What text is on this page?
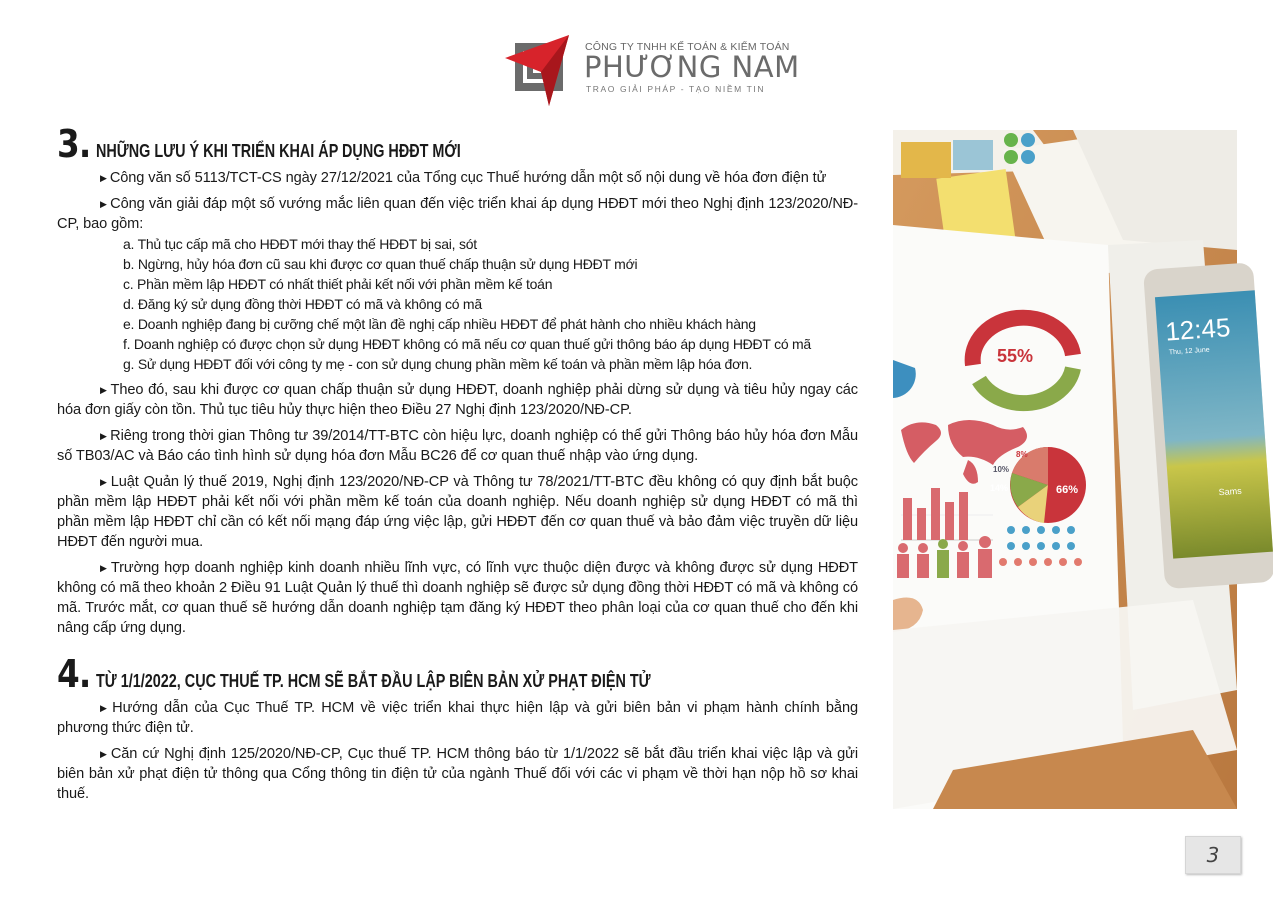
CÔNG TY TNHH KẾ TOÁN & KIỂM TOÁN
PHƯƠNG NAM
TRAO GIẢI PHÁP - TẠO NIỀM TIN
3. NHỮNG LƯU Ý KHI TRIỂN KHAI ÁP DỤNG HĐĐT MỚI

▶ Công văn số 5113/TCT-CS ngày 27/12/2021 của Tổng cục Thuế hướng dẫn một số nội dung về hóa đơn điện tử

▶ Công văn giải đáp một số vướng mắc liên quan đến việc triển khai áp dụng HĐĐT mới theo Nghị định 123/2020/NĐ-CP, bao gồm:

a. Thủ tục cấp mã cho HĐĐT mới thay thế HĐĐT bị sai, sót
b. Ngừng, hủy hóa đơn cũ sau khi được cơ quan thuế chấp thuận sử dụng HĐĐT mới
c. Phần mềm lập HĐĐT có nhất thiết phải kết nối với phần mềm kế toán
d. Đăng ký sử dụng đồng thời HĐĐT có mã và không có mã
e. Doanh nghiệp đang bị cưỡng chế một lần đề nghị cấp nhiều HĐĐT để phát hành cho nhiều khách hàng
f. Doanh nghiệp có được chọn sử dụng HĐĐT không có mã nếu cơ quan thuế gửi thông báo áp dụng HĐĐT có mã
g. Sử dụng HĐĐT đối với công ty mẹ - con sử dụng chung phần mềm kế toán và phần mềm lập hóa đơn.

▶ Theo đó, sau khi được cơ quan chấp thuận sử dụng HĐĐT, doanh nghiệp phải dừng sử dụng và tiêu hủy ngay các hóa đơn giấy còn tồn. Thủ tục tiêu hủy thực hiện theo Điều 27 Nghị định 123/2020/NĐ-CP.

▶ Riêng trong thời gian Thông tư 39/2014/TT-BTC còn hiệu lực, doanh nghiệp có thể gửi Thông báo hủy hóa đơn Mẫu số TB03/AC và Báo cáo tình hình sử dụng hóa đơn Mẫu BC26 để cơ quan thuế nhập vào ứng dụng.

▶ Luật Quản lý thuế 2019, Nghị định 123/2020/NĐ-CP và Thông tư 78/2021/TT-BTC đều không có quy định bắt buộc phần mềm lập HĐĐT phải kết nối với phần mềm kế toán của doanh nghiệp. Nếu doanh nghiệp sử dụng HĐĐT có mã thì phần mềm lập HĐĐT chỉ cần có kết nối mạng đáp ứng việc lập, gửi HĐĐT đến cơ quan thuế và bảo đảm việc truyền dữ liệu HĐĐT đến người mua.

▶ Trường hợp doanh nghiệp kinh doanh nhiều lĩnh vực, có lĩnh vực thuộc diện được và không được sử dụng HĐĐT không có mã theo khoản 2 Điều 91 Luật Quản lý thuế thì doanh nghiệp sẽ được sử dụng đồng thời HĐĐT có mã và không có mã. Trước mắt, cơ quan thuế sẽ hướng dẫn doanh nghiệp tạm đăng ký HĐĐT theo phân loại của cơ quan thuế cho đến khi nâng cấp ứng dụng.

4. TỪ 1/1/2022, CỤC THUẾ TP. HCM SẼ BẮT ĐẦU LẬP BIÊN BẢN XỬ PHẠT ĐIỆN TỬ

▶ Hướng dẫn của Cục Thuế TP. HCM về việc triển khai thực hiện lập và gửi biên bản vi phạm hành chính bằng phương thức điện tử.

▶ Căn cứ Nghị định 125/2020/NĐ-CP, Cục thuế TP. HCM thông báo từ 1/1/2022 sẽ bắt đầu triển khai việc lập và gửi biên bản xử phạt điện tử thông qua Cổng thông tin điện tử của ngành Thuế đối với các vi phạm về thời hạn nộp hồ sơ khai thuế.

55%
66%
14%
10%
8%
12:45
Thu, 12 June
Sams
3
